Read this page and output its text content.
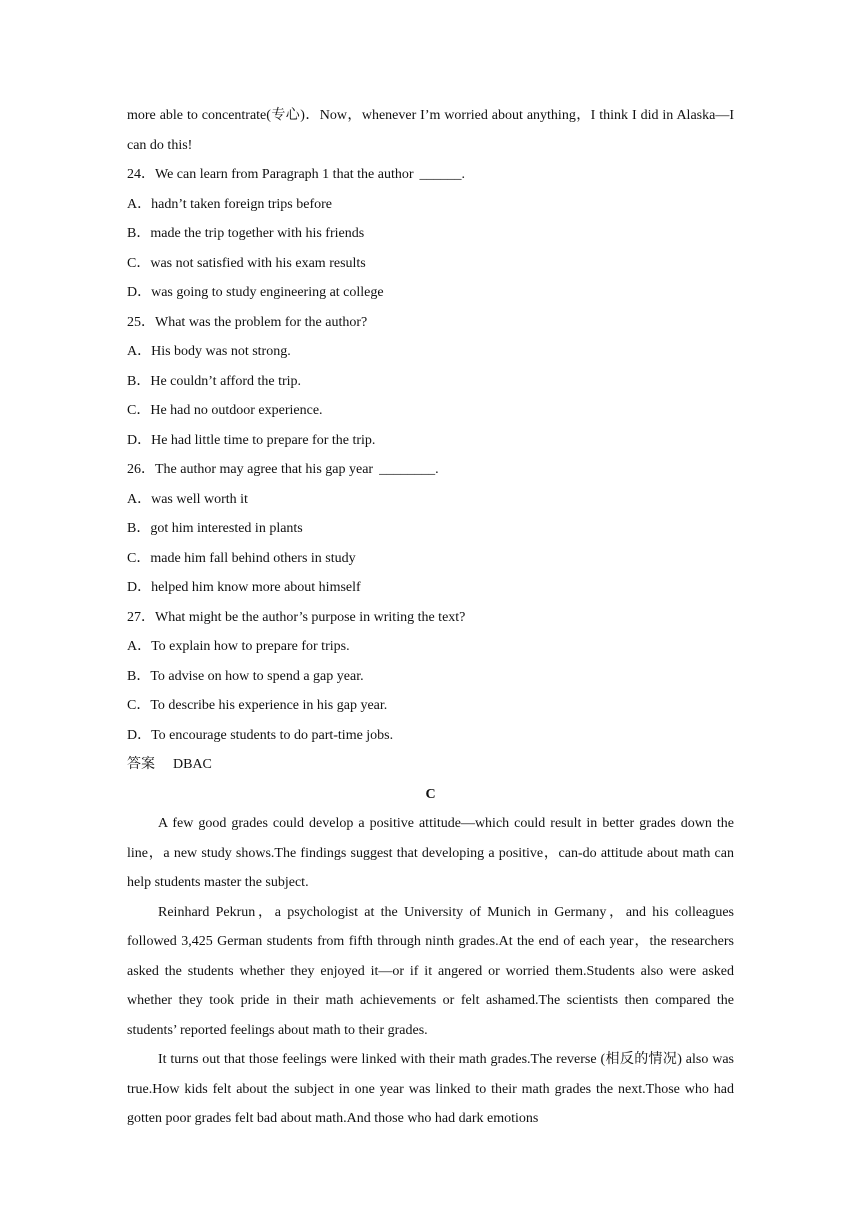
more able to concentrate(专心)．Now，whenever I’m worried about anything，I think I did in Alaska—I can do this!

24．We can learn from Paragraph 1 that the author ______.

A．hadn’t taken foreign trips before

B．made the trip together with his friends

C．was not satisfied with his exam results

D．was going to study engineering at college

25．What was the problem for the author?

A．His body was not strong.

B．He couldn’t afford the trip.

C．He had no outdoor experience.

D．He had little time to prepare for the trip.

26．The author may agree that his gap year ________.

A．was well worth it

B．got him interested in plants

C．made him fall behind others in study

D．helped him know more about himself

27．What might be the author’s purpose in writing the text?

A．To explain how to prepare for trips.

B．To advise on how to spend a gap year.

C．To describe his experience in his gap year.

D．To encourage students to do part-time jobs.

答案 DBAC

C

A few good grades could develop a positive attitude—which could result in better grades down the line，a new study shows.The findings suggest that developing a positive，can-do attitude about math can help students master the subject.

Reinhard Pekrun，a psychologist at the University of Munich in Germany，and his colleagues followed 3,425 German students from fifth through ninth grades.At the end of each year，the researchers asked the students whether they enjoyed it—or if it angered or worried them.Students also were asked whether they took pride in their math achievements or felt ashamed.The scientists then compared the students’ reported feelings about math to their grades.

It turns out that those feelings were linked with their math grades.The reverse (相反的情况) also was true.How kids felt about the subject in one year was linked to their math grades the next.Those who had gotten poor grades felt bad about math.And those who had dark emotions
